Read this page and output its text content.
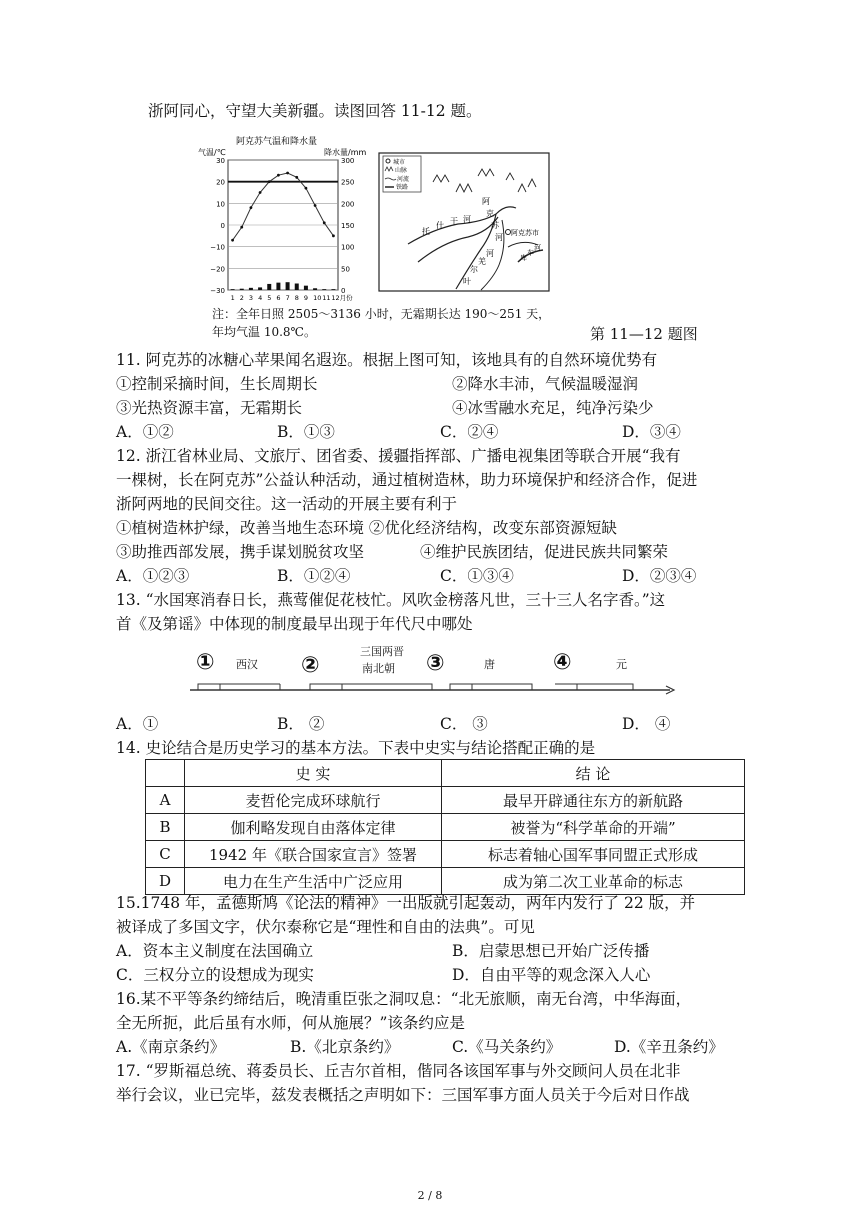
浙阿同心，守望大美新疆。读图回答 11-12 题。
阿克苏气温和降水量
气温/℃	降水量/mm
30	300
20	250
10	200
0	150
−10	100
−20	50
−30	0
1 2 3 4 5 6 7 8 9 10 11 12月份
注：全年日照 2505～3136 小时，无霜期长达 190～251 天，
年均气温 10.8℃。
城市
山脉
河流
铁路
阿克苏市
托
什 干 河
阿
克
苏
河
库
车
河
叶
尔
羌
河
第 11—12 题图
11. 阿克苏的冰糖心苹果闻名遐迩。根据上图可知，该地具有的自然环境优势有
①控制采摘时间，生长周期长	②降水丰沛，气候温暖湿润
③光热资源丰富，无霜期长	④冰雪融水充足，纯净污染少
A．①②	B．①③	C．②④	D．③④
12. 浙江省林业局、文旅厅、团省委、援疆指挥部、广播电视集团等联合开展“我有
一棵树，长在阿克苏”公益认种活动，通过植树造林，助力环境保护和经济合作，促进
浙阿两地的民间交往。这一活动的开展主要有利于
①植树造林护绿，改善当地生态环境 ②优化经济结构，改变东部资源短缺
③助推西部发展，携手谋划脱贫攻坚	④维护民族团结，促进民族共同繁荣
A．①②③	B．①②④	C．①③④	D．②③④
13. “水国寒消春日长，燕莺催促花枝忙。风吹金榜落凡世，三十三人名字香。”这
首《及第谣》中体现的制度最早出现于年代尺中哪处
① 西汉 ②
三国两晋
南北朝 ③	唐	④	元
A．①	B． ②	C． ③	D． ④
14. 史论结合是历史学习的基本方法。下表中史实与结论搭配正确的是
	史 实	结 论
A	麦哲伦完成环球航行	最早开辟通往东方的新航路
B	伽利略发现自由落体定律	被誉为“科学革命的开端”
C	1942 年《联合国家宣言》签署	标志着轴心国军事同盟正式形成
D	电力在生产生活中广泛应用	成为第二次工业革命的标志
15.1748 年，孟德斯鸠《论法的精神》一出版就引起轰动，两年内发行了 22 版，并
被译成了多国文字，伏尔泰称它是“理性和自由的法典”。可见
A．资本主义制度在法国确立	B．启蒙思想已开始广泛传播
C．三权分立的设想成为现实	D．自由平等的观念深入人心
16.某不平等条约缔结后，晚清重臣张之洞叹息：“北无旅顺，南无台湾，中华海面，
全无所扼，此后虽有水师，何从施展？”该条约应是
A.《南京条约》	B.《北京条约》	C.《马关条约》	D.《辛丑条约》
17. “罗斯福总统、蒋委员长、丘吉尔首相，偕同各该国军事与外交顾问人员在北非
举行会议，业已完毕，兹发表概括之声明如下：三国军事方面人员关于今后对日作战
2 / 8
